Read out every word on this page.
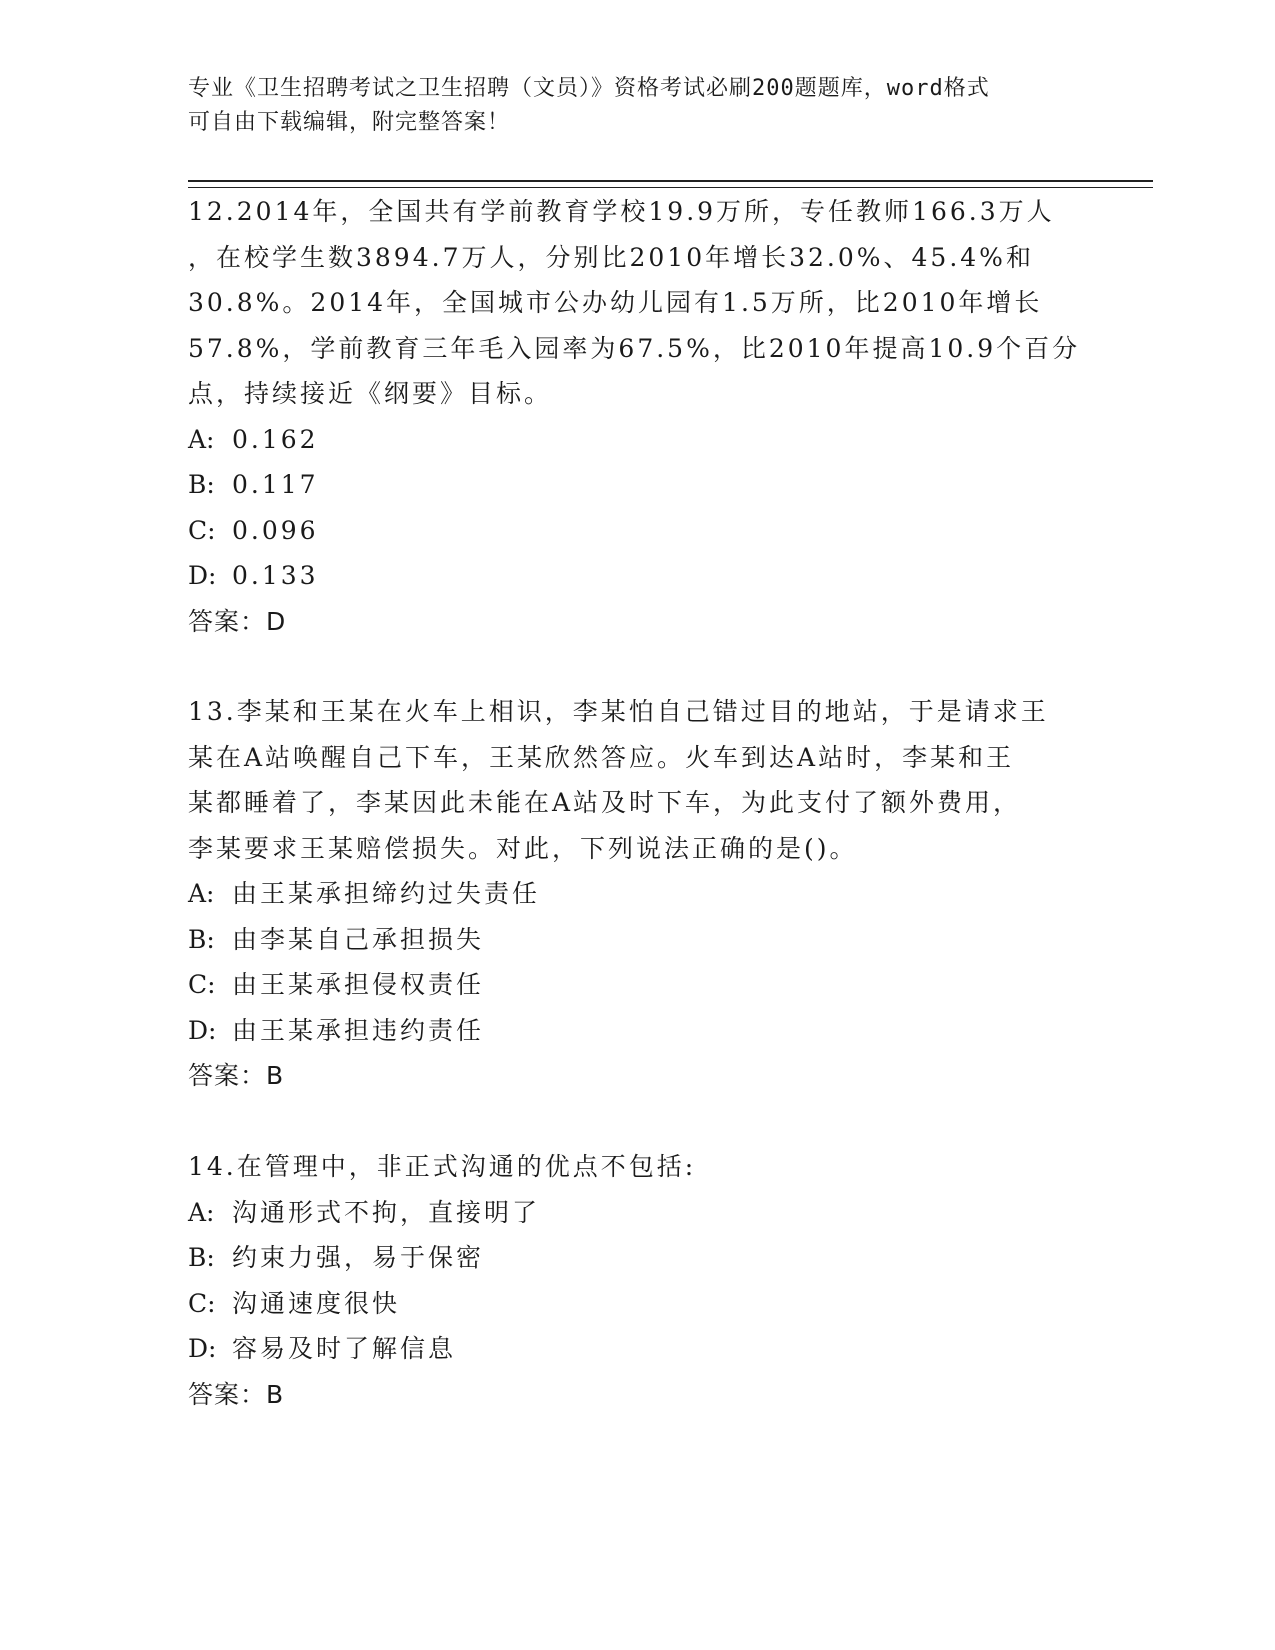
专业《卫生招聘考试之卫生招聘（文员）》资格考试必刷200题题库，word格式

可自由下载编辑，附完整答案！

12.2014年，全国共有学前教育学校19.9万所，专任教师166.3万人

，在校学生数3894.7万人，分别比2010年增长32.0%、45.4%和

30.8%。2014年，全国城市公办幼儿园有1.5万所，比2010年增长

57.8%，学前教育三年毛入园率为67.5%，比2010年提高10.9个百分

点，持续接近《纲要》目标。

A: 0.162
B: 0.117
C: 0.096
D: 0.133
答案：D

13.李某和王某在火车上相识，李某怕自己错过目的地站，于是请求王

某在A站唤醒自己下车，王某欣然答应。火车到达A站时，李某和王

某都睡着了，李某因此未能在A站及时下车，为此支付了额外费用，

李某要求王某赔偿损失。对此，下列说法正确的是()。

A: 由王某承担缔约过失责任
B: 由李某自己承担损失
C: 由王某承担侵权责任
D: 由王某承担违约责任
答案：B

14.在管理中，非正式沟通的优点不包括:

A: 沟通形式不拘，直接明了
B: 约束力强，易于保密
C: 沟通速度很快
D: 容易及时了解信息
答案：B
